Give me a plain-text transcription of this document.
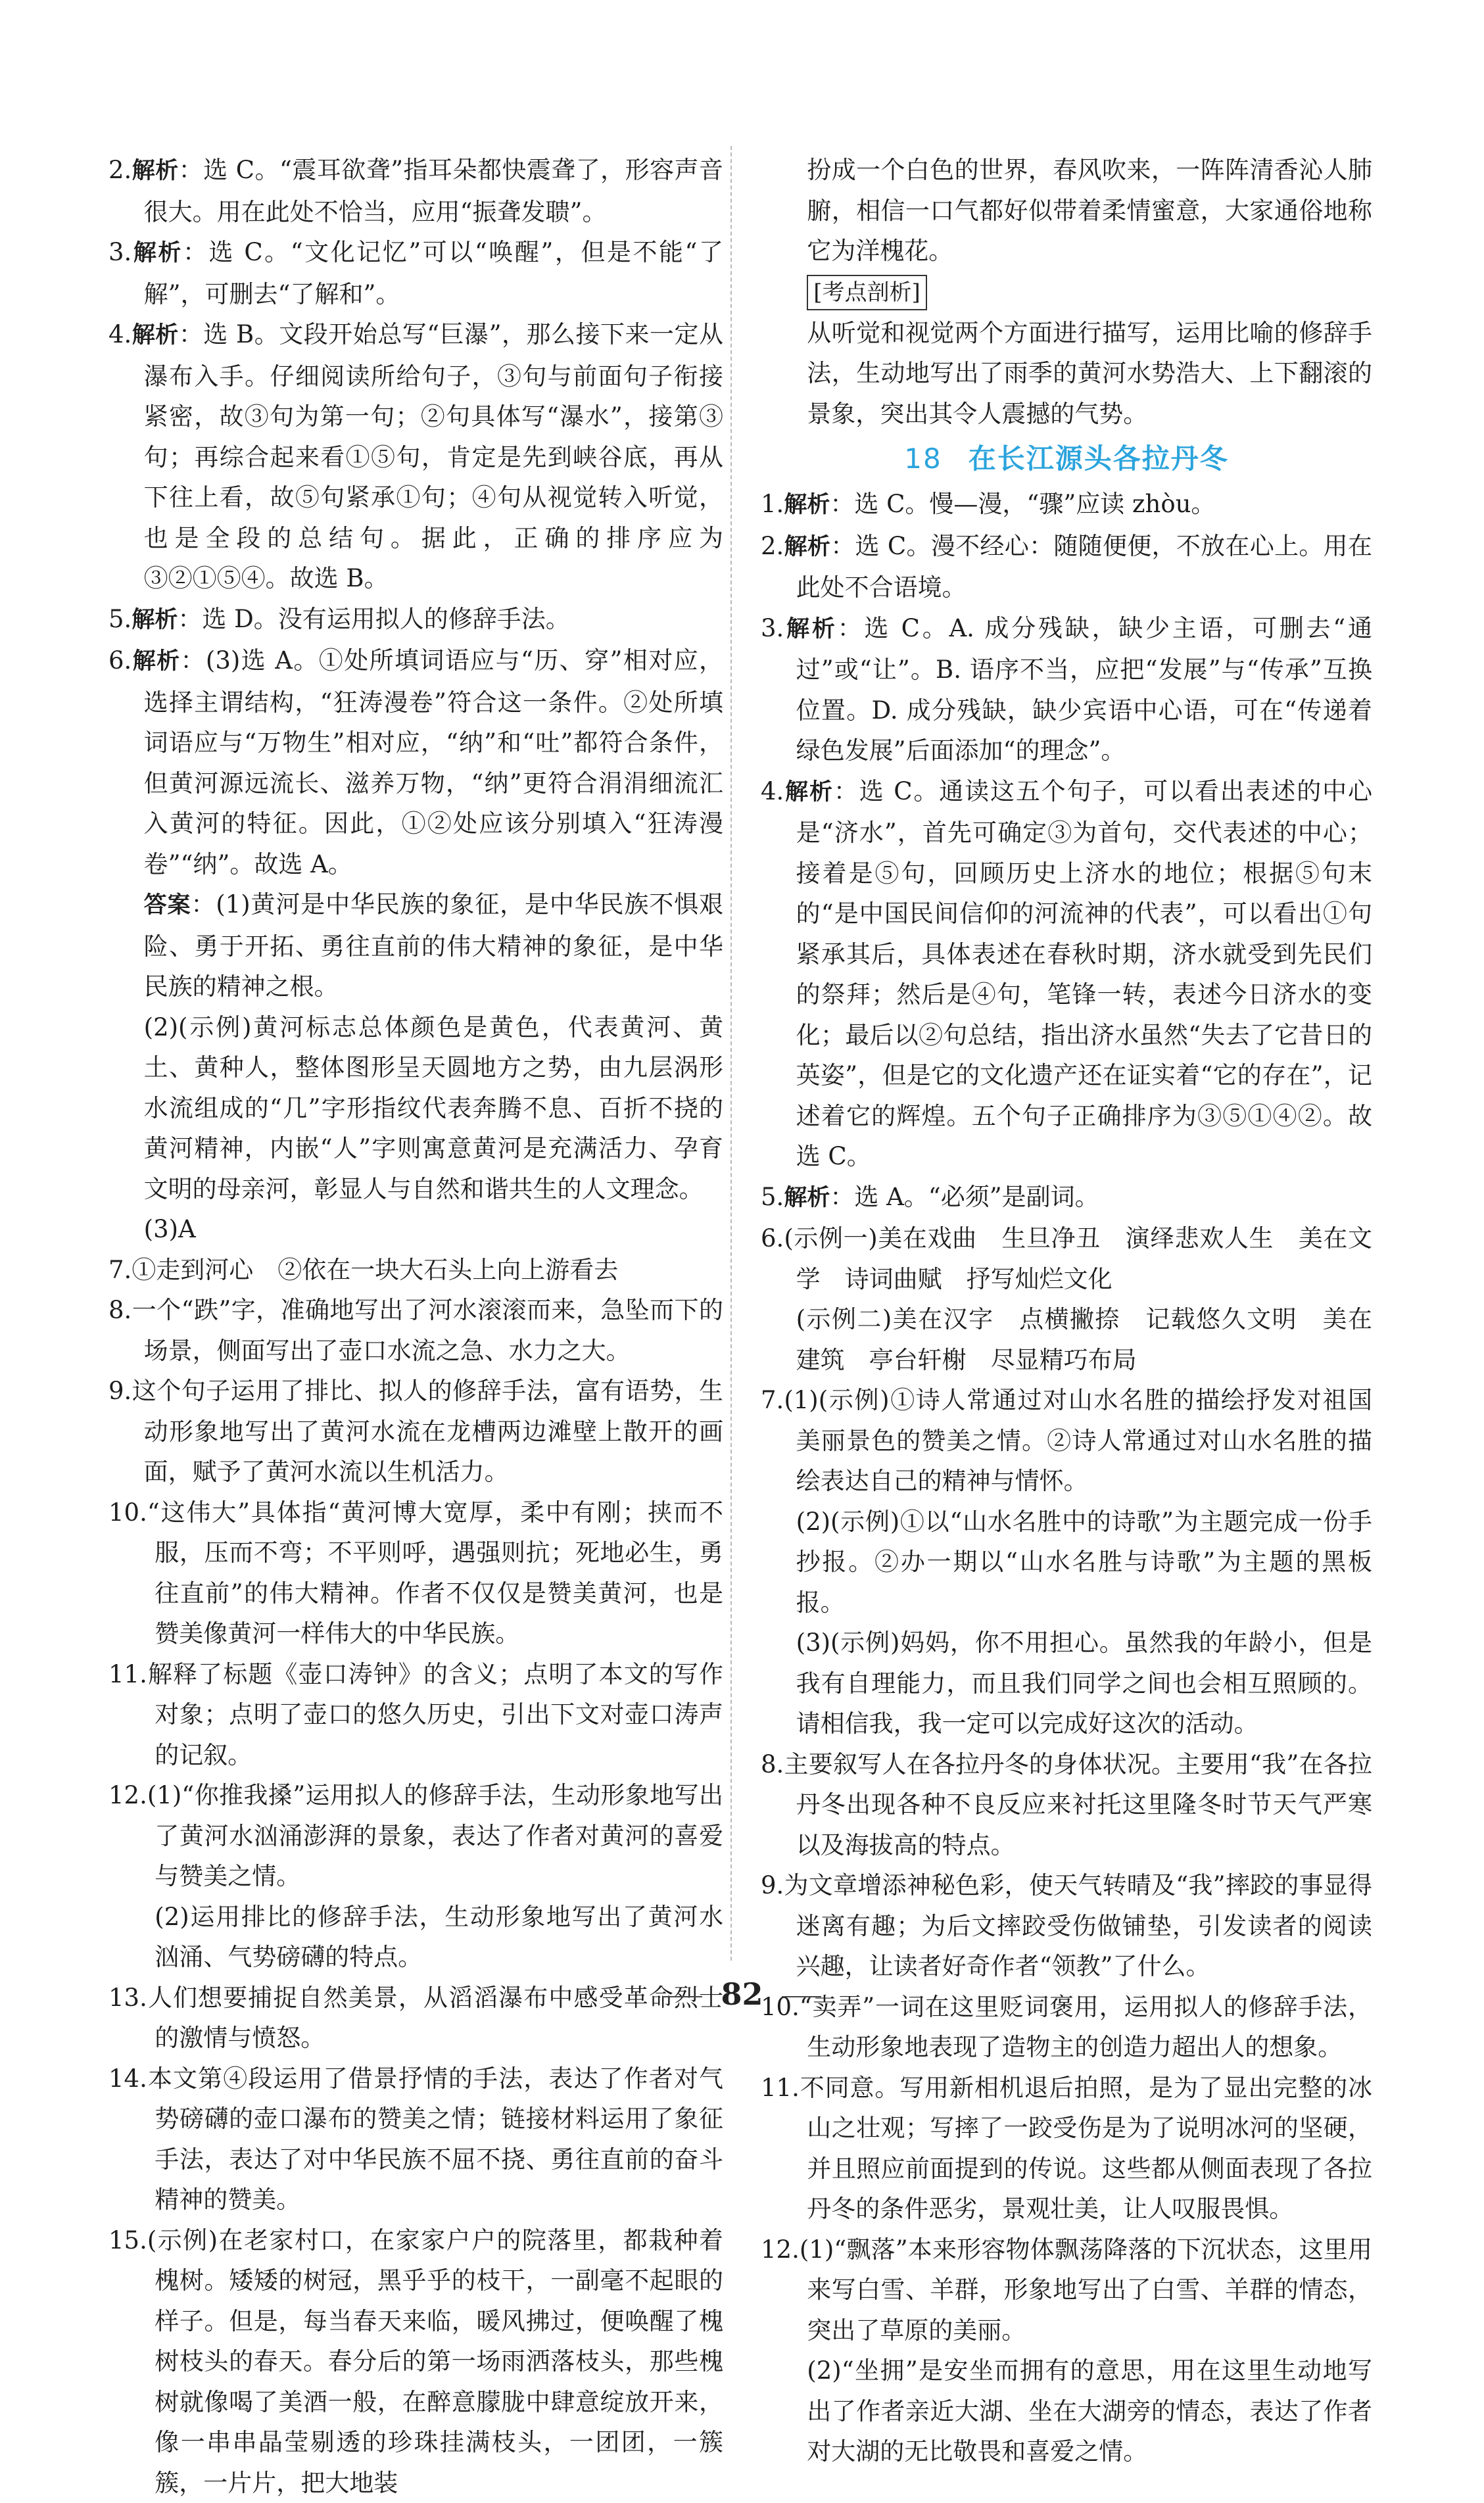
2.解析：选 C。“震耳欲聋”指耳朵都快震聋了，形容声音很大。用在此处不恰当，应用“振聋发聩”。

3.解析：选 C。“文化记忆”可以“唤醒”，但是不能“了解”，可删去“了解和”。

4.解析：选 B。文段开始总写“巨瀑”，那么接下来一定从瀑布入手。仔细阅读所给句子，③句与前面句子衔接紧密，故③句为第一句；②句具体写“瀑水”，接第③句；再综合起来看①⑤句，肯定是先到峡谷底，再从下往上看，故⑤句紧承①句；④句从视觉转入听觉，也是全段的总结句。据此，正确的排序应为③②①⑤④。故选 B。

5.解析：选 D。没有运用拟人的修辞手法。

6.解析：(3)选 A。①处所填词语应与“历、穿”相对应，选择主谓结构，“狂涛漫卷”符合这一条件。②处所填词语应与“万物生”相对应，“纳”和“吐”都符合条件，但黄河源远流长、滋养万物，“纳”更符合涓涓细流汇入黄河的特征。因此，①②处应该分别填入“狂涛漫卷”“纳”。故选 A。

答案：(1)黄河是中华民族的象征，是中华民族不惧艰险、勇于开拓、勇往直前的伟大精神的象征，是中华民族的精神之根。

(2)(示例)黄河标志总体颜色是黄色，代表黄河、黄土、黄种人，整体图形呈天圆地方之势，由九层涡形水流组成的“几”字形指纹代表奔腾不息、百折不挠的黄河精神，内嵌“人”字则寓意黄河是充满活力、孕育文明的母亲河，彰显人与自然和谐共生的人文理念。

(3)A

7.①走到河心　②依在一块大石头上向上游看去

8.一个“跌”字，准确地写出了河水滚滚而来，急坠而下的场景，侧面写出了壶口水流之急、水力之大。

9.这个句子运用了排比、拟人的修辞手法，富有语势，生动形象地写出了黄河水流在龙槽两边滩壁上散开的画面，赋予了黄河水流以生机活力。

10.“这伟大”具体指“黄河博大宽厚，柔中有刚；挟而不服，压而不弯；不平则呼，遇强则抗；死地必生，勇往直前”的伟大精神。作者不仅仅是赞美黄河，也是赞美像黄河一样伟大的中华民族。

11.解释了标题《壶口涛钟》的含义；点明了本文的写作对象；点明了壶口的悠久历史，引出下文对壶口涛声的记叙。

12.(1)“你推我搡”运用拟人的修辞手法，生动形象地写出了黄河水汹涌澎湃的景象，表达了作者对黄河的喜爱与赞美之情。

(2)运用排比的修辞手法，生动形象地写出了黄河水汹涌、气势磅礴的特点。

13.人们想要捕捉自然美景，从滔滔瀑布中感受革命烈士的激情与愤怒。

14.本文第④段运用了借景抒情的手法，表达了作者对气势磅礴的壶口瀑布的赞美之情；链接材料运用了象征手法，表达了对中华民族不屈不挠、勇往直前的奋斗精神的赞美。

15.(示例)在老家村口，在家家户户的院落里，都栽种着槐树。矮矮的树冠，黑乎乎的枝干，一副毫不起眼的样子。但是，每当春天来临，暖风拂过，便唤醒了槐树枝头的春天。春分后的第一场雨洒落枝头，那些槐树就像喝了美酒一般，在醉意朦胧中肆意绽放开来，像一串串晶莹剔透的珍珠挂满枝头，一团团，一簇簇，一片片，把大地装

扮成一个白色的世界，春风吹来，一阵阵清香沁人肺腑，相信一口气都好似带着柔情蜜意，大家通俗地称它为洋槐花。

[考点剖析]

从听觉和视觉两个方面进行描写，运用比喻的修辞手法，生动地写出了雨季的黄河水势浩大、上下翻滚的景象，突出其令人震撼的气势。

18 在长江源头各拉丹冬

1.解析：选 C。慢—漫，“骤”应读 zhòu。

2.解析：选 C。漫不经心：随随便便，不放在心上。用在此处不合语境。

3.解析：选 C。A. 成分残缺，缺少主语，可删去“通过”或“让”。B. 语序不当，应把“发展”与“传承”互换位置。D. 成分残缺，缺少宾语中心语，可在“传递着绿色发展”后面添加“的理念”。

4.解析：选 C。通读这五个句子，可以看出表述的中心是“济水”，首先可确定③为首句，交代表述的中心；接着是⑤句，回顾历史上济水的地位；根据⑤句末的“是中国民间信仰的河流神的代表”，可以看出①句紧承其后，具体表述在春秋时期，济水就受到先民们的祭拜；然后是④句，笔锋一转，表述今日济水的变化；最后以②句总结，指出济水虽然“失去了它昔日的英姿”，但是它的文化遗产还在证实着“它的存在”，记述着它的辉煌。五个句子正确排序为③⑤①④②。故选 C。

5.解析：选 A。“必须”是副词。

6.(示例一)美在戏曲　生旦净丑　演绎悲欢人生　美在文学　诗词曲赋　抒写灿烂文化

(示例二)美在汉字　点横撇捺　记载悠久文明　美在建筑　亭台轩榭　尽显精巧布局

7.(1)(示例)①诗人常通过对山水名胜的描绘抒发对祖国美丽景色的赞美之情。②诗人常通过对山水名胜的描绘表达自己的精神与情怀。

(2)(示例)①以“山水名胜中的诗歌”为主题完成一份手抄报。②办一期以“山水名胜与诗歌”为主题的黑板报。

(3)(示例)妈妈，你不用担心。虽然我的年龄小，但是我有自理能力，而且我们同学之间也会相互照顾的。请相信我，我一定可以完成好这次的活动。

8.主要叙写人在各拉丹冬的身体状况。主要用“我”在各拉丹冬出现各种不良反应来衬托这里隆冬时节天气严寒以及海拔高的特点。

9.为文章增添神秘色彩，使天气转晴及“我”摔跤的事显得迷离有趣；为后文摔跤受伤做铺垫，引发读者的阅读兴趣，让读者好奇作者“领教”了什么。

10.“卖弄”一词在这里贬词褒用，运用拟人的修辞手法，生动形象地表现了造物主的创造力超出人的想象。

11.不同意。写用新相机退后拍照，是为了显出完整的冰山之壮观；写摔了一跤受伤是为了说明冰河的坚硬，并且照应前面提到的传说。这些都从侧面表现了各拉丹冬的条件恶劣，景观壮美，让人叹服畏惧。

12.(1)“飘落”本来形容物体飘荡降落的下沉状态，这里用来写白雪、羊群，形象地写出了白雪、羊群的情态，突出了草原的美丽。

(2)“坐拥”是安坐而拥有的意思，用在这里生动地写出了作者亲近大湖、坐在大湖旁的情态，表达了作者对大湖的无比敬畏和喜爱之情。

82
